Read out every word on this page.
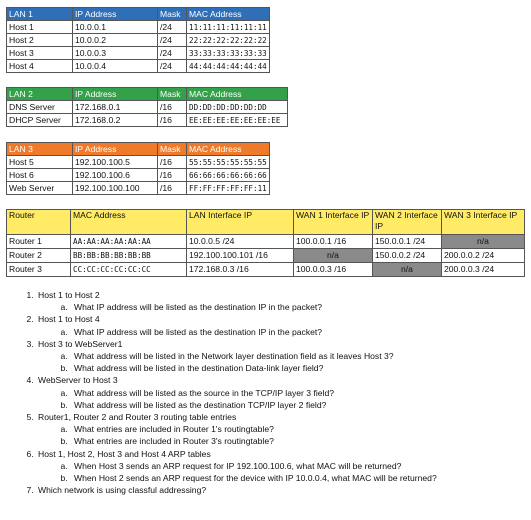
LAN 1	IP Address	Mask	MAC Address
Host 1	10.0.0.1	/24	11:11:11:11:11:11
Host 2	10.0.0.2	/24	22:22:22:22:22:22
Host 3	10.0.0.3	/24	33:33:33:33:33:33
Host 4	10.0.0.4	/24	44:44:44:44:44:44
LAN 2	IP Address	Mask	MAC Address
DNS Server	172.168.0.1	/16	DD:DD:DD:DD:DD:DD
DHCP Server	172.168.0.2	/16	EE:EE:EE:EE:EE:EE:EE
LAN 3	IP Address	Mask	MAC Address
Host 5	192.100.100.5	/16	55:55:55:55:55:55
Host 6	192.100.100.6	/16	66:66:66:66:66:66
Web Server	192.100.100.100	/16	FF:FF:FF:FF:FF:11
Router	MAC Address	LAN Interface IP	WAN 1 Interface IP	WAN 2 Interface IP	WAN 3 Interface IP
Router 1	AA:AA:AA:AA:AA:AA	10.0.0.5 /24	100.0.0.1 /16	150.0.0.1 /24	n/a
Router 2	BB:BB:BB:BB:BB:BB	192.100.100.101 /16	n/a	150.0.0.2 /24	200.0.0.2 /24
Router 3	CC:CC:CC:CC:CC:CC	172.168.0.3 /16	100.0.0.3 /16	n/a	200.0.0.3 /24
1. Host 1 to Host 2
a. What IP address will be listed as the destination IP in the packet?
2. Host 1 to Host 4
a. What IP address will be listed as the destination IP in the packet?
3. Host 3 to WebServer1
a. What address will be listed in the Network layer destination field as it leaves Host 3?
b. What address will be listed in the destination Data-link layer field?
4. WebServer to Host 3
a. What address will be listed as the source in the TCP/IP layer 3 field?
b. What address will be listed as the destination TCP/IP layer 2 field?
5. Router1, Router 2 and Router 3 routing table entries
a. What entries are included in Router 1's routingtable?
b. What entries are included in Router 3's routingtable?
6. Host 1, Host 2, Host 3 and Host 4 ARP tables
a. When Host 3 sends an ARP request for IP 192.100.100.6, what MAC will be returned?
b. When Host 2 sends an ARP request for the device with IP 10.0.0.4, what MAC will be returned?
7. Which network is using classful addressing?
